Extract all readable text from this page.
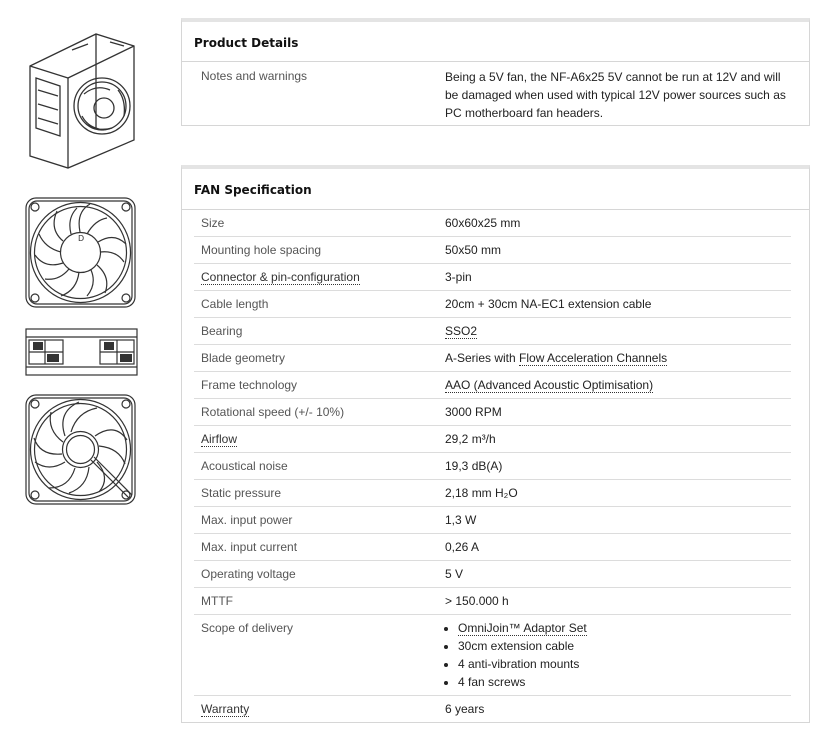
D
Product Details
Notes and warnings	Being a 5V fan, the NF-A6x25 5V cannot be run at 12V and will be damaged when used with typical 12V power sources such as PC motherboard fan headers.
FAN Specification
Size	60x60x25 mm
Mounting hole spacing	50x50 mm
Connector & pin-configuration	3-pin
Cable length	20cm + 30cm NA-EC1 extension cable
Bearing	SSO2
Blade geometry	A-Series with Flow Acceleration Channels
Frame technology	AAO (Advanced Acoustic Optimisation)
Rotational speed (+/- 10%)	3000 RPM
Airflow	29,2 m³/h
Acoustical noise	19,3 dB(A)
Static pressure	2,18 mm H₂O
Max. input power	1,3 W
Max. input current	0,26 A
Operating voltage	5 V
MTTF	> 150.000 h
Scope of delivery
•	OmniJoin™ Adaptor Set
• 30cm extension cable
• 4 anti-vibration mounts
• 4 fan screws
Warranty	6 years
